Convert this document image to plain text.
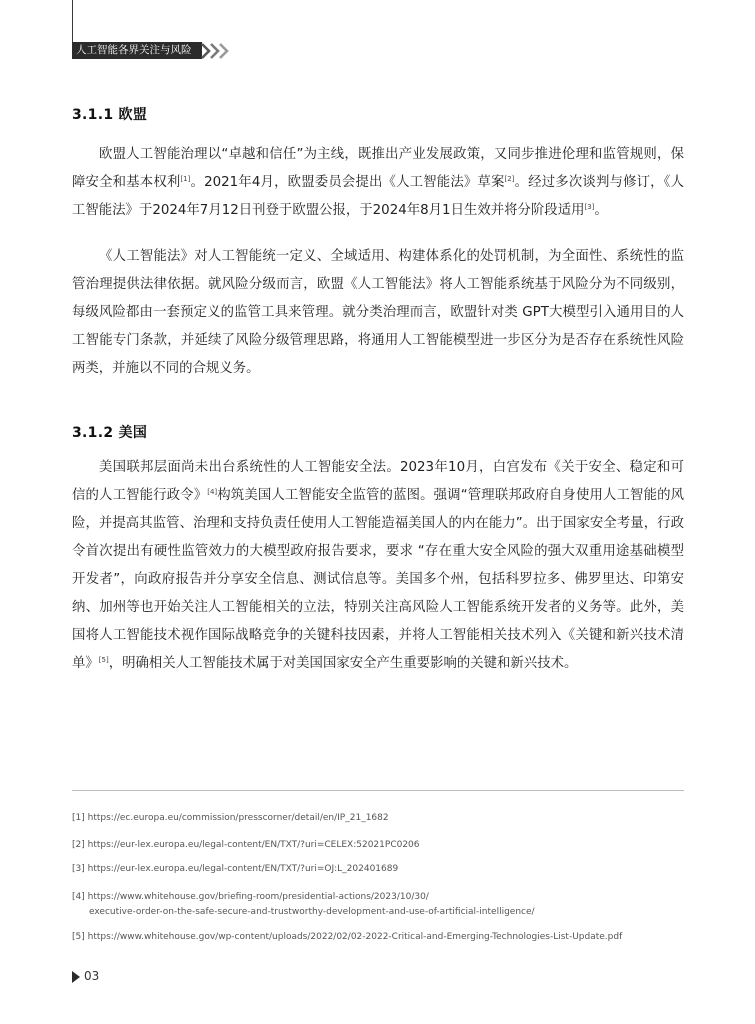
人工智能各界关注与风险
3.1.1 欧盟

欧盟人工智能治理以“卓越和信任”为主线，既推出产业发展政策，又同步推进伦理和监管规则，保障安全和基本权利[1]。2021年4月，欧盟委员会提出《人工智能法》草案[2]。经过多次谈判与修订，《人工智能法》于2024年7月12日刊登于欧盟公报，于2024年8月1日生效并将分阶段适用[3]。

《人工智能法》对人工智能统一定义、全域适用、构建体系化的处罚机制，为全面性、系统性的监管治理提供法律依据。就风险分级而言，欧盟《人工智能法》将人工智能系统基于风险分为不同级别，每级风险都由一套预定义的监管工具来管理。就分类治理而言，欧盟针对类 GPT大模型引入通用目的人工智能专门条款，并延续了风险分级管理思路，将通用人工智能模型进一步区分为是否存在系统性风险两类，并施以不同的合规义务。

3.1.2 美国

美国联邦层面尚未出台系统性的人工智能安全法。2023年10月，白宫发布《关于安全、稳定和可信的人工智能行政令》[4]构筑美国人工智能安全监管的蓝图。强调“管理联邦政府自身使用人工智能的风险，并提高其监管、治理和支持负责任使用人工智能造福美国人的内在能力”。出于国家安全考量，行政令首次提出有硬性监管效力的大模型政府报告要求，要求 “存在重大安全风险的强大双重用途基础模型开发者”，向政府报告并分享安全信息、测试信息等。美国多个州，包括科罗拉多、佛罗里达、印第安纳、加州等也开始关注人工智能相关的立法，特别关注高风险人工智能系统开发者的义务等。此外，美国将人工智能技术视作国际战略竞争的关键科技因素，并将人工智能相关技术列入《关键和新兴技术清单》[5]，明确相关人工智能技术属于对美国国家安全产生重要影响的关键和新兴技术。

[1] https://ec.europa.eu/commission/presscorner/detail/en/IP_21_1682
[2] https://eur-lex.europa.eu/legal-content/EN/TXT/?uri=CELEX:52021PC0206
[3] https://eur-lex.europa.eu/legal-content/EN/TXT/?uri=OJ:L_202401689
[4] https://www.whitehouse.gov/briefing-room/presidential-actions/2023/10/30/
executive-order-on-the-safe-secure-and-trustworthy-development-and-use-of-artificial-intelligence/
[5] https://www.whitehouse.gov/wp-content/uploads/2022/02/02-2022-Critical-and-Emerging-Technologies-List-Update.pdf
03
